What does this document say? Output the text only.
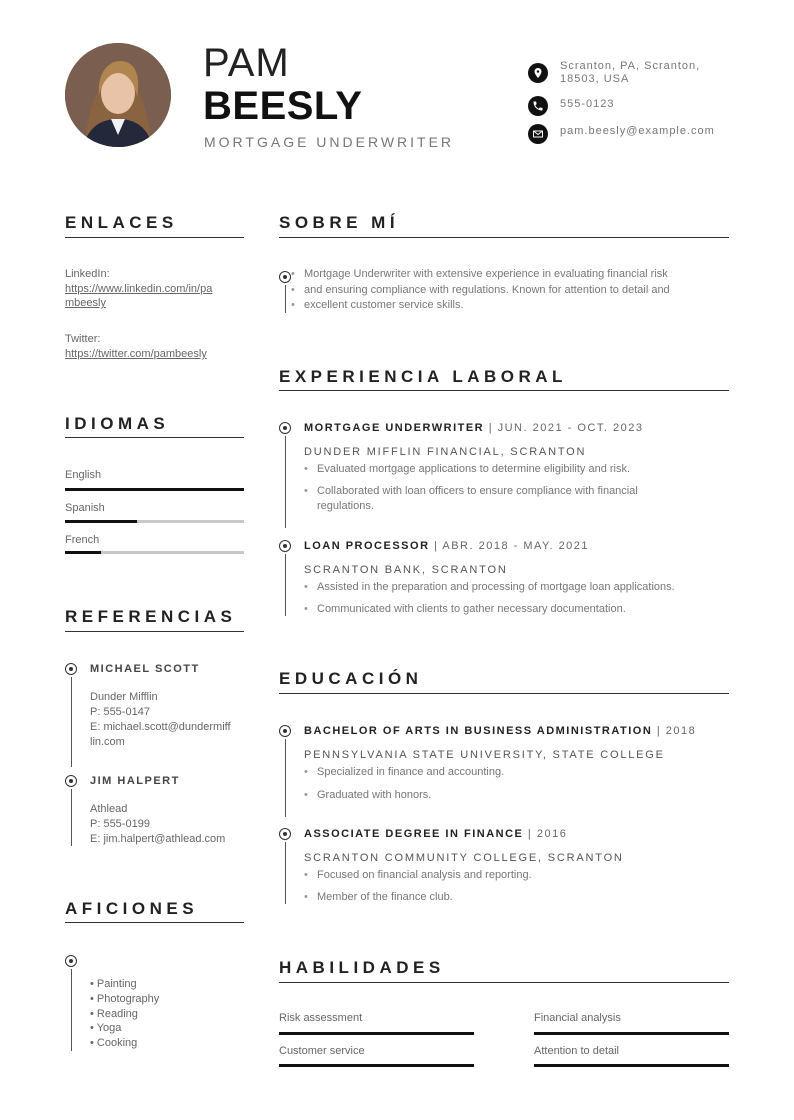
PAM
BEESLY
MORTGAGE UNDERWRITER
Scranton, PA, Scranton,
18503, USA
555-0123
pam.beesly@example.com
ENLACES
LinkedIn:
https://www.linkedin.com/in/pa
mbeesly
Twitter:
https://twitter.com/pambeesly
IDIOMAS
English
Spanish
French
REFERENCIAS
MICHAEL SCOTT
Dunder Mifflin
P: 555-0147
E: michael.scott@dundermiff
lin.com
JIM HALPERT
Athlead
P: 555-0199
E: jim.halpert@athlead.com
AFICIONES
• Painting
• Photography
• Reading
• Yoga
• Cooking
SOBRE MÍ
• Mortgage Underwriter with extensive experience in evaluating financial risk
• and ensuring compliance with regulations. Known for attention to detail and
• excellent customer service skills.
EXPERIENCIA LABORAL
MORTGAGE UNDERWRITER | JUN. 2021 - OCT. 2023
DUNDER MIFFLIN FINANCIAL, SCRANTON
• Evaluated mortgage applications to determine eligibility and risk.
• Collaborated with loan officers to ensure compliance with financial
regulations.
LOAN PROCESSOR | ABR. 2018 - MAY. 2021
SCRANTON BANK, SCRANTON
• Assisted in the preparation and processing of mortgage loan applications.
• Communicated with clients to gather necessary documentation.
EDUCACIÓN
BACHELOR OF ARTS IN BUSINESS ADMINISTRATION | 2018
PENNSYLVANIA STATE UNIVERSITY, STATE COLLEGE
• Specialized in finance and accounting.
• Graduated with honors.
ASSOCIATE DEGREE IN FINANCE | 2016
SCRANTON COMMUNITY COLLEGE, SCRANTON
• Focused on financial analysis and reporting.
• Member of the finance club.
HABILIDADES
Risk assessment	Financial analysis
Customer service	Attention to detail
